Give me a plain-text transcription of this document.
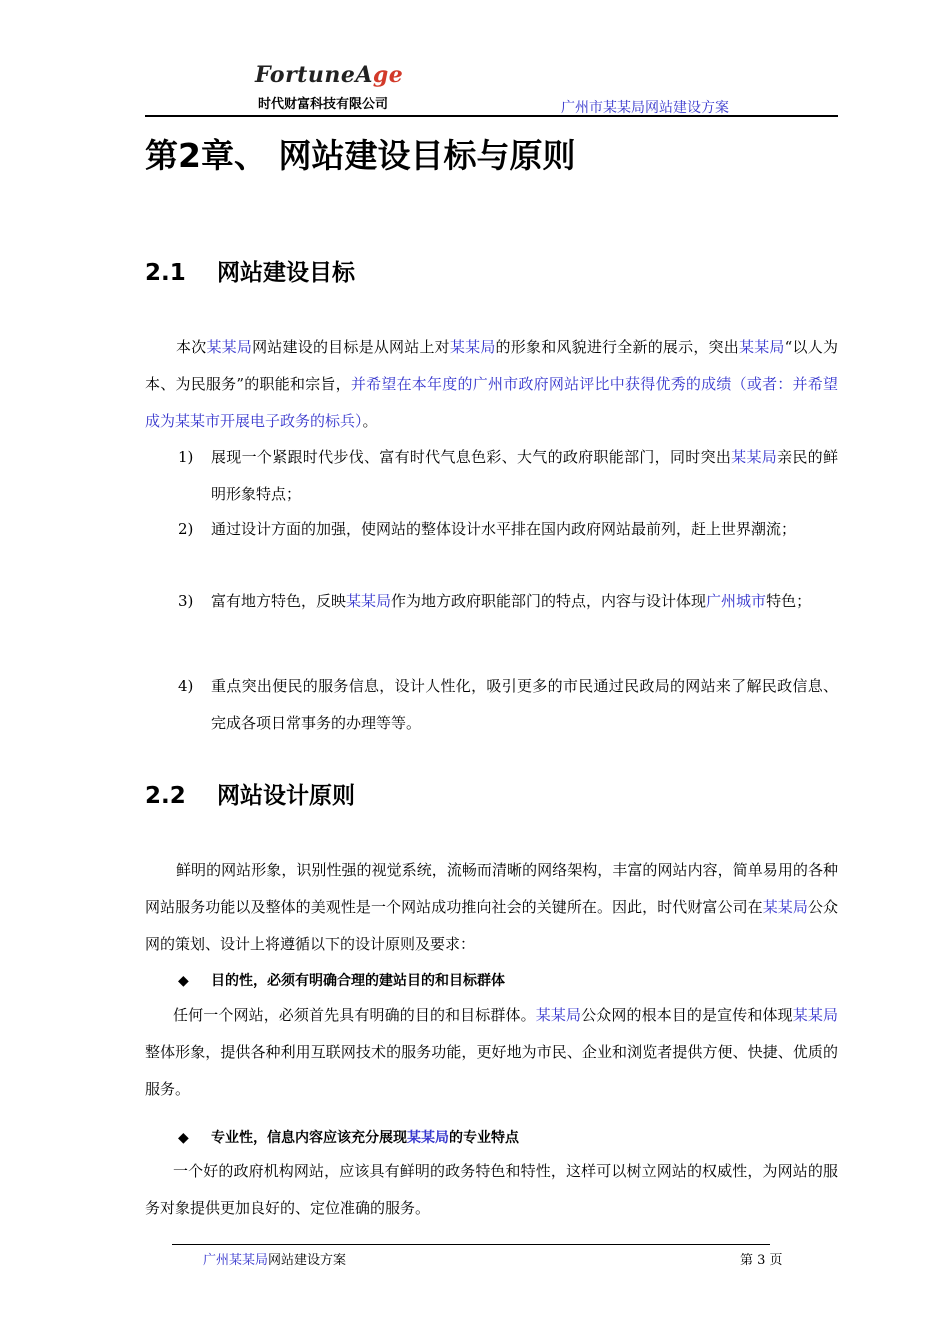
FortuneAge
时代财富科技有限公司	广州市某某局网站建设方案
第2章、 网站建设目标与原则
2.1 网站建设目标
本次某某局网站建设的目标是从网站上对某某局的形象和风貌进行全新的展示，突出某某局“以人为本、为民服务”的职能和宗旨，并希望在本年度的广州市政府网站评比中获得优秀的成绩（或者：并希望成为某某市开展电子政务的标兵）。
1) 展现一个紧跟时代步伐、富有时代气息色彩、大气的政府职能部门，同时突出某某局亲民的鲜明形象特点；
2) 通过设计方面的加强，使网站的整体设计水平排在国内政府网站最前列，赶上世界潮流；
3) 富有地方特色，反映某某局作为地方政府职能部门的特点，内容与设计体现广州城市特色；
4) 重点突出便民的服务信息，设计人性化，吸引更多的市民通过民政局的网站来了解民政信息、完成各项日常事务的办理等等。
2.2 网站设计原则
鲜明的网站形象，识别性强的视觉系统，流畅而清晰的网络架构，丰富的网站内容，简单易用的各种网站服务功能以及整体的美观性是一个网站成功推向社会的关键所在。因此，时代财富公司在某某局公众网的策划、设计上将遵循以下的设计原则及要求：
◆ 目的性，必须有明确合理的建站目的和目标群体
任何一个网站，必须首先具有明确的目的和目标群体。某某局公众网的根本目的是宣传和体现某某局整体形象，提供各种利用互联网技术的服务功能，更好地为市民、企业和浏览者提供方便、快捷、优质的服务。
◆ 专业性，信息内容应该充分展现某某局的专业特点
一个好的政府机构网站，应该具有鲜明的政务特色和特性，这样可以树立网站的权威性，为网站的服务对象提供更加良好的、定位准确的服务。
广州某某局网站建设方案	第 3 页
